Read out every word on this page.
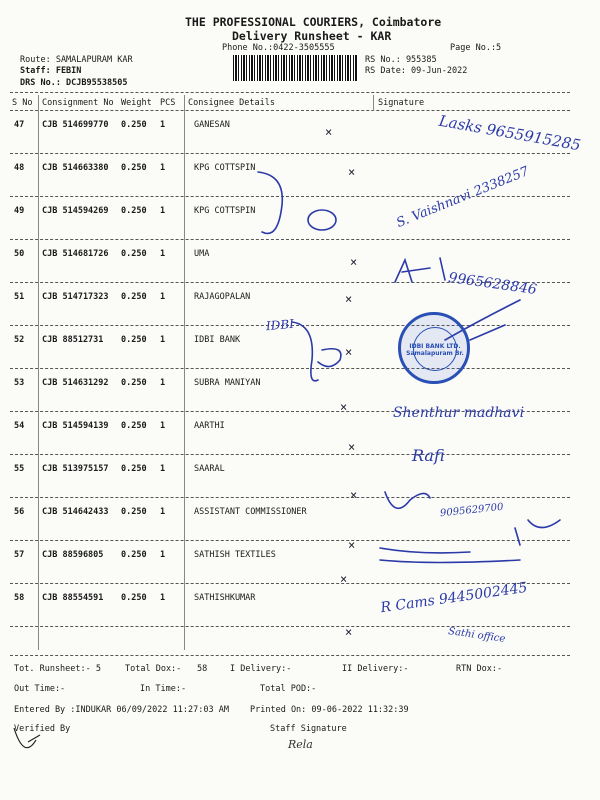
THE PROFESSIONAL COURIERS, Coimbatore
Delivery Runsheet - KAR
Phone No.:0422-3505555	Page No.:5
Route: SAMALAPURAM KAR
Staff: FEBIN
DRS No.: DCJB95538505
RS No.: 955385
RS Date: 09-Jun-2022
S No Consignment No Weight PCS Consignee Details	Signature
47 CJB 514699770 0.250 1	GANESAN
48 CJB 514663380 0.250 1	KPG COTTSPIN
49 CJB 514594269 0.250 1	KPG COTTSPIN
50 CJB 514681726 0.250 1	UMA
51 CJB 514717323 0.250 1	RAJAGOPALAN
52 CJB 88512731 0.250 1	IDBI BANK
53 CJB 514631292 0.250 1	SUBRA MANIYAN
54 CJB 514594139 0.250 1	AARTHI
55 CJB 513975157 0.250 1	SAARAL
56 CJB 514642433 0.250 1	ASSISTANT COMMISSIONER
57 CJB 88596805 0.250 1	SATHISH TEXTILES
58 CJB 88554591 0.250 1	SATHISHKUMAR
Lasks 9655915285
S. Vaishnavi 2338257
9965628846
IDBI
Shenthur madhavi
Rafi
9095629700
R Cams 9445002445
Sathi office
×
×
×
×
×
×
×
×
×
×
×
IDBI BANK LTD. Samalapuram Br.
Tot. Runsheet:- 5	Total Dox:- 58	I Delivery:-	II Delivery:-	RTN Dox:-
Out Time:-	In Time:-	Total POD:-
Entered By :INDUKAR 06/09/2022 11:27:03 AM Printed On: 09-06-2022 11:32:39
Verified By	Staff Signature
Rela
